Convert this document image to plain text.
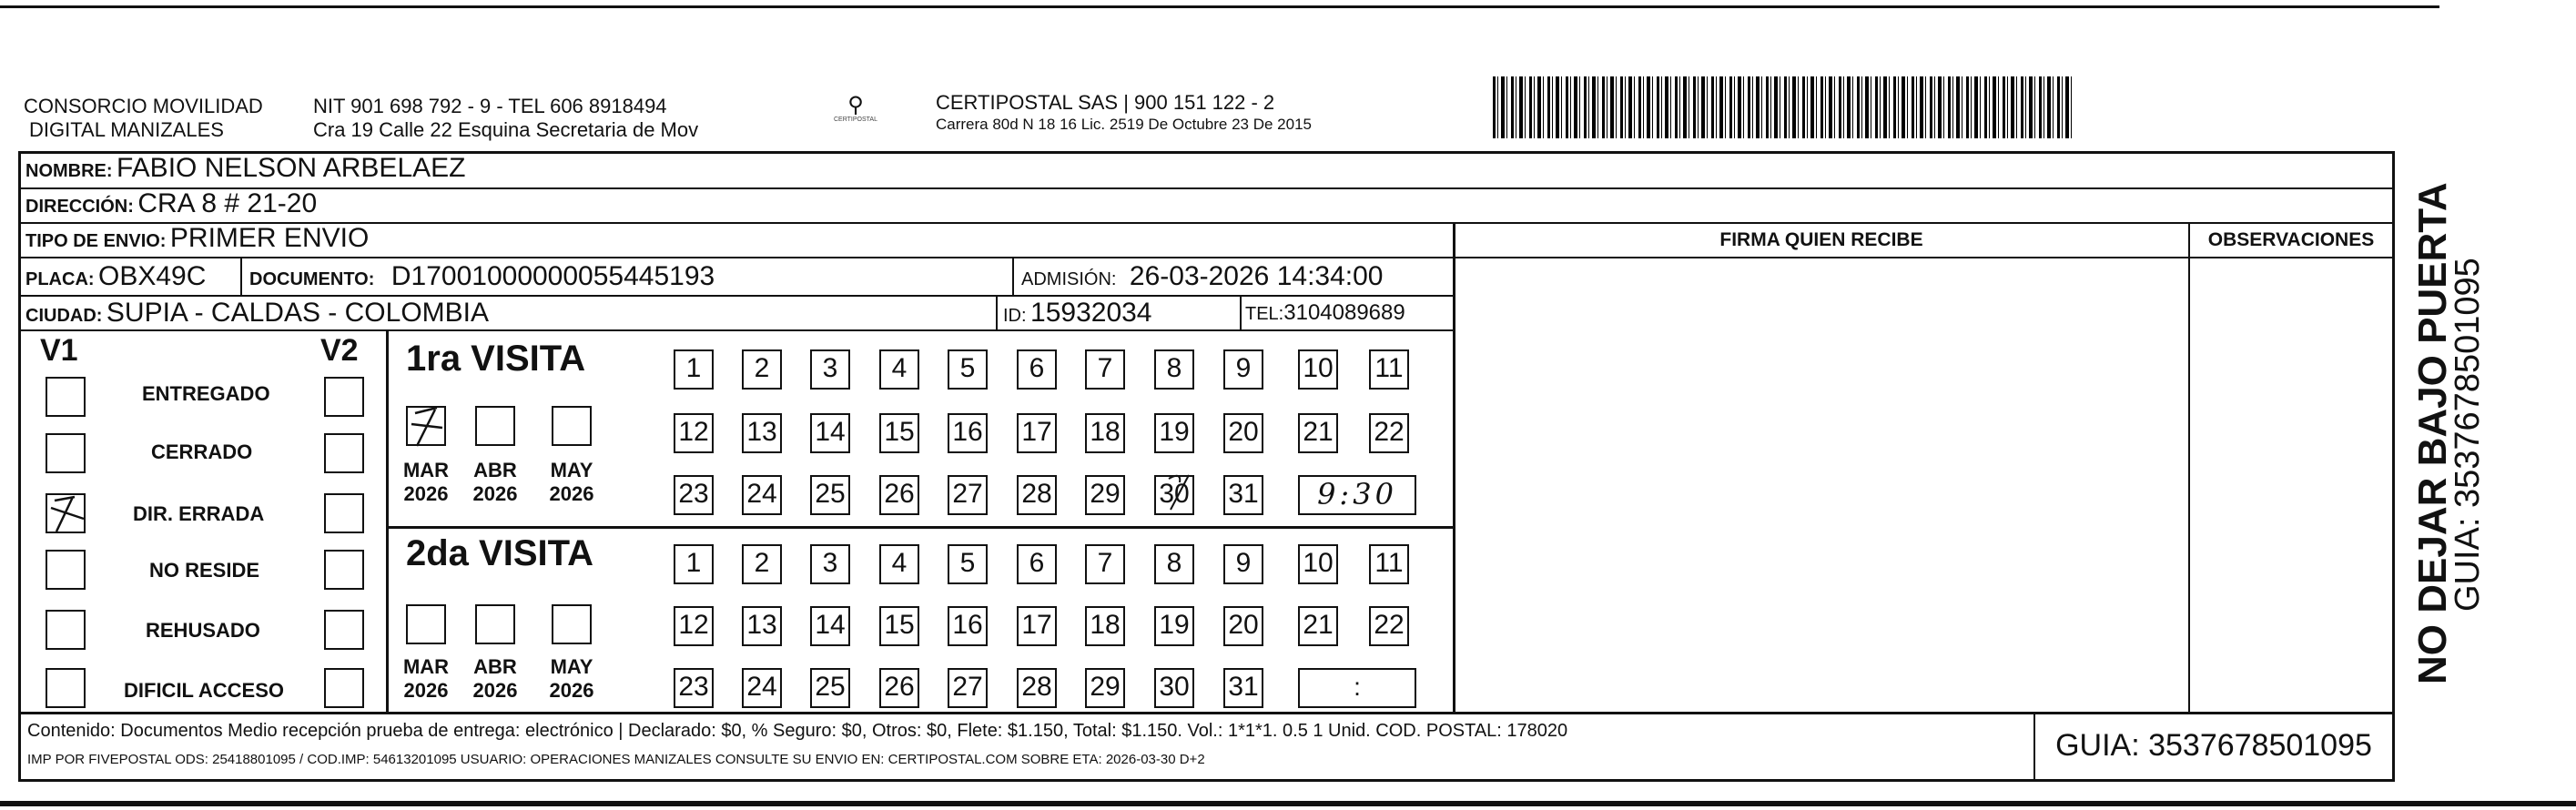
CONSORCIO MOVILIDAD
DIGITAL MANIZALES
NIT 901 698 792 - 9 - TEL 606 8918494
Cra 19 Calle 22 Esquina Secretaria de Mov
⚲
CERTIPOSTAL
CERTIPOSTAL SAS | 900 151 122 - 2
Carrera 80d N 18 16 Lic. 2519 De Octubre 23 De 2015
NOMBRE: FABIO NELSON ARBELAEZ
DIRECCIÓN: CRA 8 # 21-20
TIPO DE ENVIO: PRIMER ENVIO
PLACA: OBX49C DOCUMENTO: D17001000000055445193	ADMISIÓN: 26-03-2026 14:34:00
CIUDAD: SUPIA - CALDAS - COLOMBIA	ID: 15932034	TEL:3104089689
FIRMA QUIEN RECIBE	OBSERVACIONES
V1	V2
ENTREGADO
CERRADO
DIR. ERRADA
NO RESIDE
REHUSADO
DIFICIL ACCESO
1ra VISITA
MAR
2026
ABR
2026
MAY
2026
1	2	3	4	5	6	7	8	9	10 11
12 13 14 15 16 17 18 19 20 21 22
23 24 25 26 27 28 29 30 31	9:30
2da VISITA
MAR
2026
ABR
2026
MAY
2026
1	2	3	4	5	6	7	8	9	10 11
12 13 14 15 16 17 18 19 20 21 22
23 24 25 26 27 28 29 30 31	:
Contenido: Documentos Medio recepción prueba de entrega: electrónico | Declarado: $0, % Seguro: $0, Otros: $0, Flete: $1.150, Total: $1.150. Vol.: 1*1*1. 0.5 1 Unid. COD. POSTAL: 178020
IMP POR FIVEPOSTAL ODS: 25418801095 / COD.IMP: 54613201095 USUARIO: OPERACIONES MANIZALES CONSULTE SU ENVIO EN: CERTIPOSTAL.COM SOBRE ETA: 2026-03-30 D+2	GUIA: 3537678501095
NO DEJAR BAJO PUERTA
GUIA: 3537678501095
